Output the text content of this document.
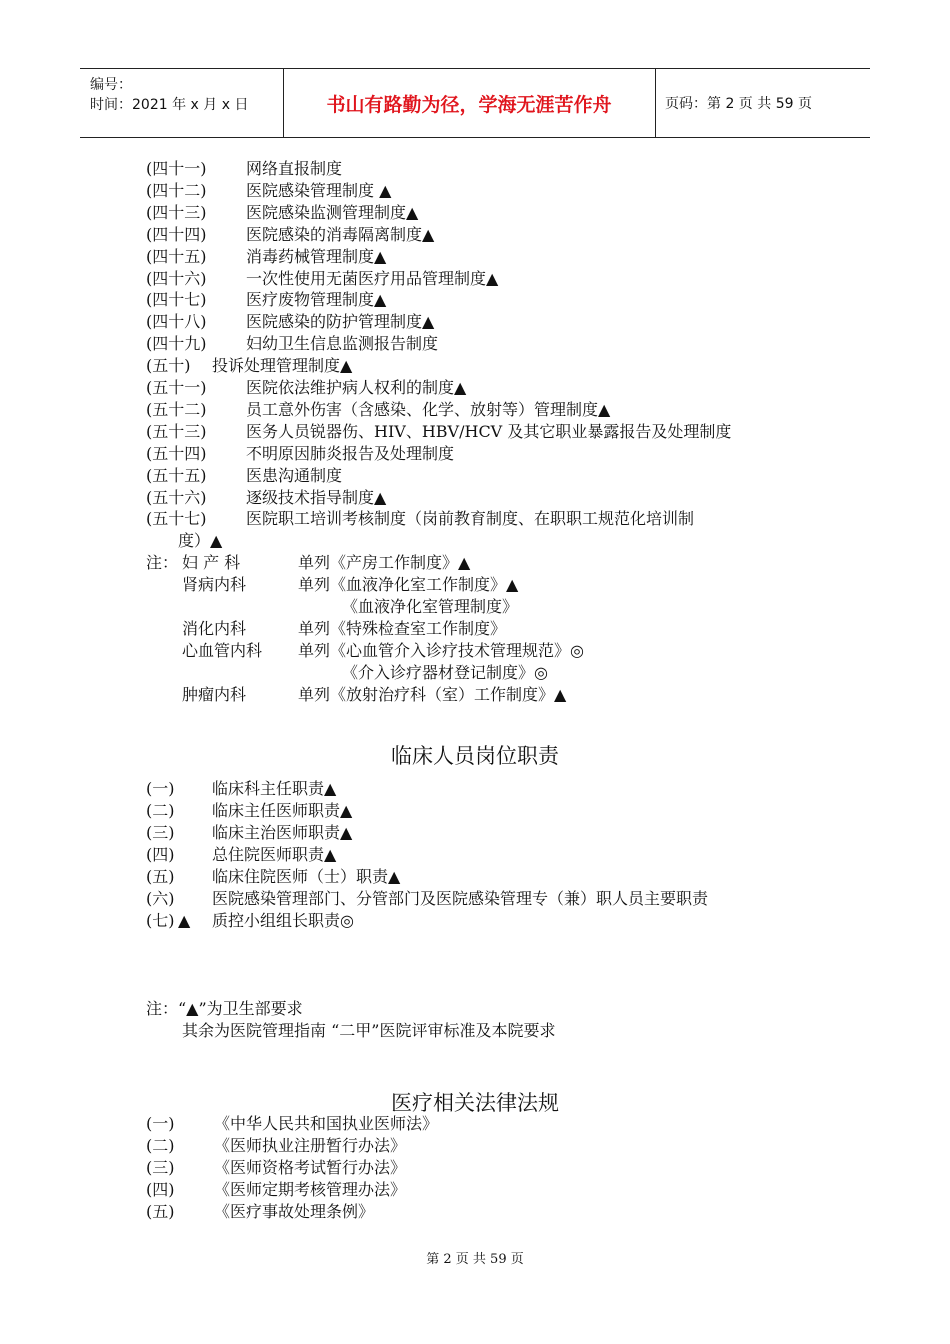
编号：
时间：2021 年 x 月 x 日	书山有路勤为径，学海无涯苦作舟	页码：第 2 页 共 59 页
(四十一) 网络直报制度
(四十二) 医院感染管理制度 ▲
(四十三) 医院感染监测管理制度▲
(四十四) 医院感染的消毒隔离制度▲
(四十五) 消毒药械管理制度▲
(四十六) 一次性使用无菌医疗用品管理制度▲
(四十七) 医疗废物管理制度▲
(四十八) 医院感染的防护管理制度▲
(四十九) 妇幼卫生信息监测报告制度
(五十) 投诉处理管理制度▲
(五十一) 医院依法维护病人权利的制度▲
(五十二) 员工意外伤害（含感染、化学、放射等）管理制度▲
(五十三) 医务人员锐器伤、HIV、HBV/HCV 及其它职业暴露报告及处理制度
(五十四) 不明原因肺炎报告及处理制度
(五十五) 医患沟通制度
(五十六) 逐级技术指导制度▲
(五十七) 医院职工培训考核制度（岗前教育制度、在职职工规范化培训制
度）▲
注： 妇 产 科	单列《产房工作制度》▲
肾病内科	单列《血液净化室工作制度》▲
《血液净化室管理制度》
消化内科	单列《特殊检查室工作制度》
心血管内科 单列《心血管介入诊疗技术管理规范》◎
《介入诊疗器材登记制度》◎
肿瘤内科	单列《放射治疗科（室）工作制度》▲
临床人员岗位职责
(一) 临床科主任职责▲
(二) 临床主任医师职责▲
(三) 临床主治医师职责▲
(四) 总住院医师职责▲
(五) 临床住院医师（士）职责▲
(六) 医院感染管理部门、分管部门及医院感染管理专（兼）职人员主要职责
(七) 质控小组组长职责◎
▲
注：“▲”为卫生部要求
其余为医院管理指南 “二甲”医院评审标准及本院要求
医疗相关法律法规
(一) 《中华人民共和国执业医师法》
(二) 《医师执业注册暂行办法》
(三) 《医师资格考试暂行办法》
(四) 《医师定期考核管理办法》
(五) 《医疗事故处理条例》
第 2 页 共 59 页
